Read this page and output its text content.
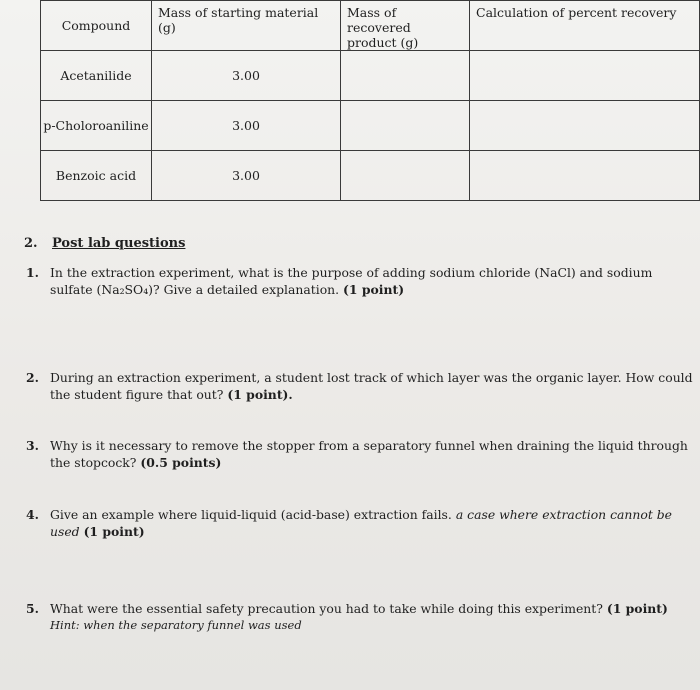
Compound	Mass of starting material (g)	Mass of recovered product (g)	Calculation of percent recovery
Acetanilide	3.00		
p-Choloroaniline	3.00		
Benzoic acid	3.00		
2. Post lab questions
1. In the extraction experiment, what is the purpose of adding sodium chloride (NaCl) and sodium sulfate (Na₂SO₄)? Give a detailed explanation. (1 point)
2. During an extraction experiment, a student lost track of which layer was the organic layer. How could the student figure that out? (1 point).
3. Why is it necessary to remove the stopper from a separatory funnel when draining the liquid through the stopcock? (0.5 points)
4. Give an example where liquid-liquid (acid-base) extraction fails. a case where extraction cannot be used (1 point)
5. What were the essential safety precaution you had to take while doing this experiment? (1 point)
Hint: when the separatory funnel was used
